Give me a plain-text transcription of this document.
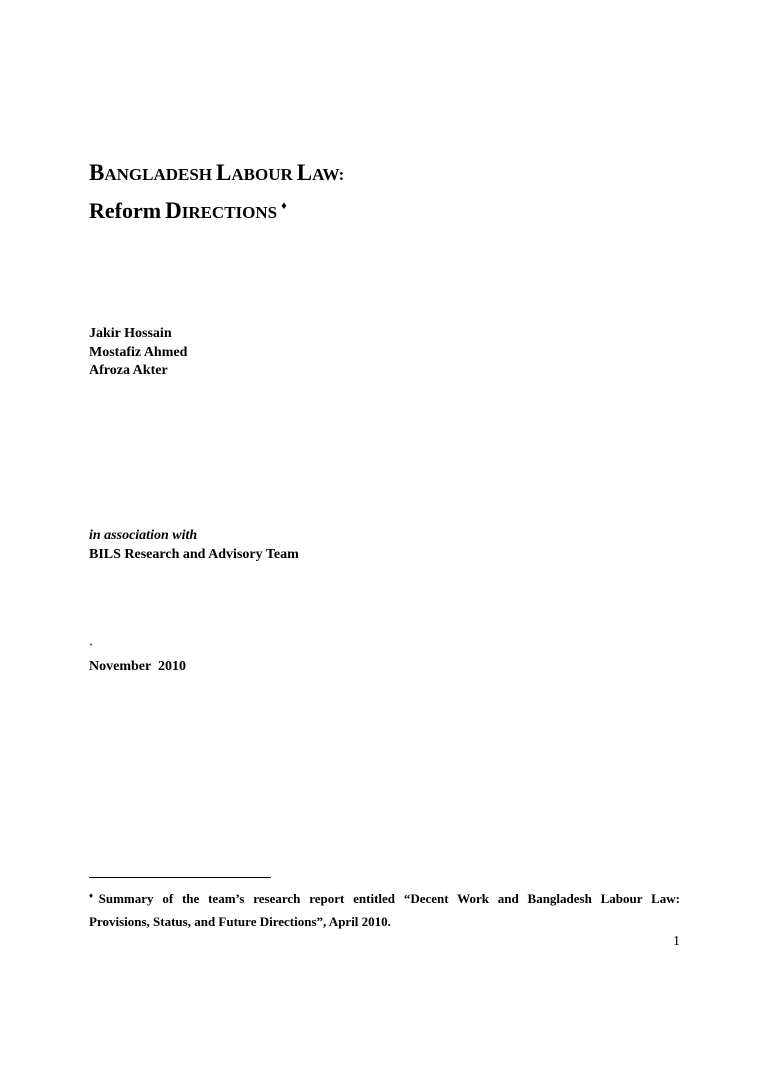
BANGLADESH LABOUR LAW:
Reform DIRECTIONS ♦
Jakir Hossain
Mostafiz Ahmed
Afroza Akter
in association with
BILS Research and Advisory Team
`
November  2010
♦Summary of the team’s research report entitled “Decent Work and Bangladesh Labour Law:
Provisions, Status, and Future Directions”, April 2010.
1
